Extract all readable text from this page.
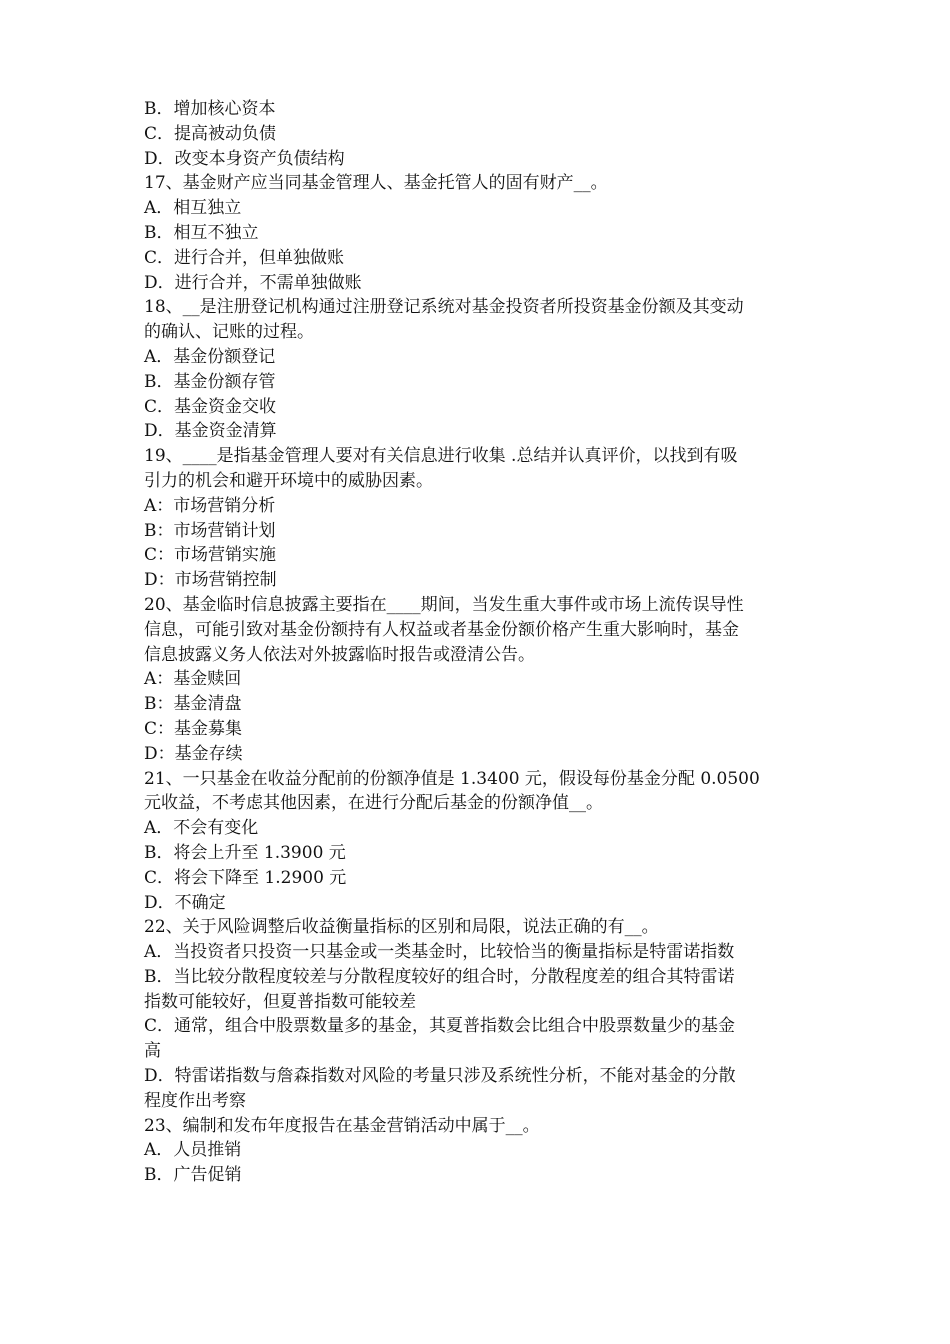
B．增加核心资本
C．提高被动负债
D．改变本身资产负债结构
17、基金财产应当同基金管理人、基金托管人的固有财产__。
A．相互独立
B．相互不独立
C．进行合并，但单独做账
D．进行合并，不需单独做账
18、__是注册登记机构通过注册登记系统对基金投资者所投资基金份额及其变动
的确认、记账的过程。
A．基金份额登记
B．基金份额存管
C．基金资金交收
D．基金资金清算
19、____是指基金管理人要对有关信息进行收集 .总结并认真评价，以找到有吸
引力的机会和避开环境中的威胁因素。
A：市场营销分析
B：市场营销计划
C：市场营销实施
D：市场营销控制
20、基金临时信息披露主要指在____期间，当发生重大事件或市场上流传误导性
信息，可能引致对基金份额持有人权益或者基金份额价格产生重大影响时，基金
信息披露义务人依法对外披露临时报告或澄清公告。
A：基金赎回
B：基金清盘
C：基金募集
D：基金存续
21、一只基金在收益分配前的份额净值是 1.3400 元，假设每份基金分配 0.0500
元收益，不考虑其他因素，在进行分配后基金的份额净值__。
A．不会有变化
B．将会上升至 1.3900 元
C．将会下降至 1.2900 元
D．不确定
22、关于风险调整后收益衡量指标的区别和局限，说法正确的有__。
A．当投资者只投资一只基金或一类基金时，比较恰当的衡量指标是特雷诺指数
B．当比较分散程度较差与分散程度较好的组合时，分散程度差的组合其特雷诺
指数可能较好，但夏普指数可能较差
C．通常，组合中股票数量多的基金，其夏普指数会比组合中股票数量少的基金
高
D．特雷诺指数与詹森指数对风险的考量只涉及系统性分析，不能对基金的分散
程度作出考察
23、编制和发布年度报告在基金营销活动中属于__。
A．人员推销
B．广告促销
